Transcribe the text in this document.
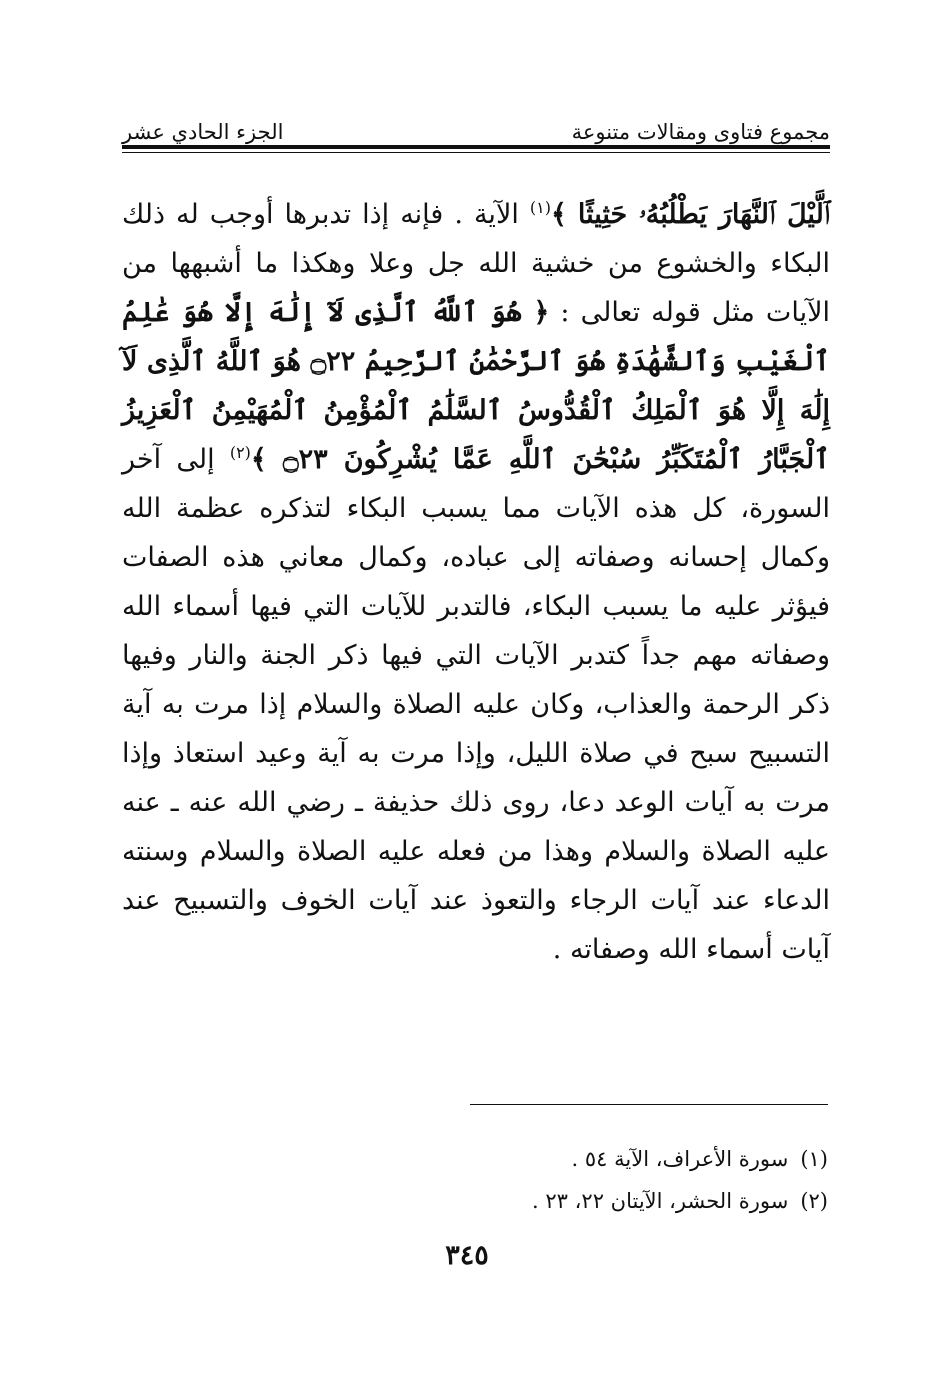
مجموع فتاوى ومقالات متنوعة
الجزء الحادي عشر

ٱلَّيْلَ ٱلنَّهَارَ يَطْلُبُهُۥ حَثِيثًا ﴾$^{(١)}$ الآية . فإنه إذا تدبرها أوجب له ذلك البكاء والخشوع من خشية الله جل وعلا وهكذا ما أشبهها من الآيات مثل قوله تعالى : ﴿ هُوَ ٱللَّهُ ٱلَّذِى لَآ إِلَٰهَ إِلَّا هُوَ عَٰلِمُ ٱلْغَيْبِ وَٱلشَّهَٰدَةِ هُوَ ٱلرَّحْمَٰنُ ٱلرَّحِيمُ ۝٢٢ هُوَ ٱللَّهُ ٱلَّذِى لَآ إِلَٰهَ إِلَّا هُوَ ٱلْمَلِكُ ٱلْقُدُّوسُ ٱلسَّلَٰمُ ٱلْمُؤْمِنُ ٱلْمُهَيْمِنُ ٱلْعَزِيزُ ٱلْجَبَّارُ ٱلْمُتَكَبِّرُ سُبْحَٰنَ ٱللَّهِ عَمَّا يُشْرِكُونَ ۝٢٣ ﴾$^{(٢)}$ إلى آخر السورة، كل هذه الآيات مما يسبب البكاء لتذكره عظمة الله وكمال إحسانه وصفاته إلى عباده، وكمال معاني هذه الصفات فيؤثر عليه ما يسبب البكاء، فالتدبر للآيات التي فيها أسماء الله وصفاته مهم جداً كتدبر الآيات التي فيها ذكر الجنة والنار وفيها ذكر الرحمة والعذاب، وكان عليه الصلاة والسلام إذا مرت به آية التسبيح سبح في صلاة الليل، وإذا مرت به آية وعيد استعاذ وإذا مرت به آيات الوعد دعا، روى ذلك حذيفة ـ رضي الله عنه ـ عنه عليه الصلاة والسلام وهذا من فعله عليه الصلاة والسلام وسنته الدعاء عند آيات الرجاء والتعوذ عند آيات الخوف والتسبيح عند آيات أسماء الله وصفاته .

(١)سورة الأعراف، الآية ٥٤ .
(٢)سورة الحشر، الآيتان ٢٢، ٢٣ .
٣٤٥
